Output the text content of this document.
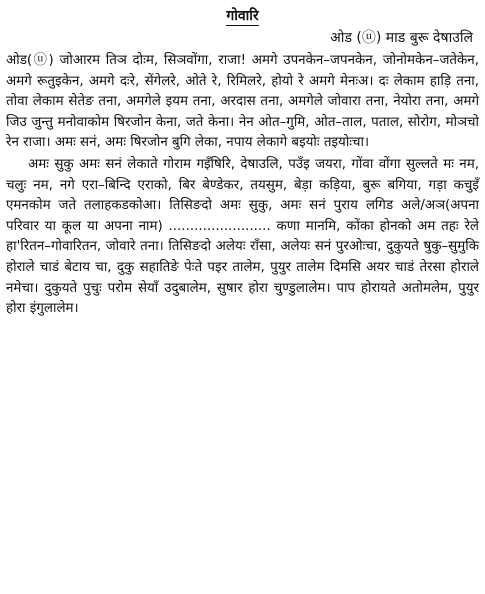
गोवारि

ओड (ⓤ) माड बुरू देषाउलि

ओड(ⓤ) जोआरम तिञ दोःम, सिञवोंगा, राजा! अमगे उपनकेन–जपनकेन, जोनोमकेन–जतेकेन, अमगे रूतुइकेन, अमगे दःरे, सेंगेलरे, ओते रे, रिमिलरे, होयो रे अमगे मेनःअ। दः लेकाम हाड़ि तना, तोवा लेकाम सेतेङ तना, अमगेले इयम तना, अरदास तना, अमगेले जोवारा तना, नेयोरा तना, अमगे जिउ जुन्तु मनोवाकोम षिरजोन केना, जते केना। नेन ओत–गुमि, ओत–ताल, पताल, सोरोग, मोञचो रेन राजा। अमः सनं, अमः षिरजोन बुगि लेका, नपाय लेकागे बइयोः तइयोःचा।

अमः सुकु अमः सनं लेकाते गोराम गइँषिरि, देषाउलि, पउँइ जयरा, गोंवा वोंगा सुल्लते मः नम, चलुः नम, नगे एरा–बिन्दि एराको, बिर बेण्डेकर, तयसुम, बेड़ा कड़िया, बुरू बगिया, गड़ा कचुइँ एमनकोम जते तलाहकडकोआ। तिसिङदो अमः सुकु, अमः सनं पुराय लगिड अले/अञ(अपना परिवार या कूल या अपना नाम) ........................ कणा मानमि, कोंका होनको अम तहः रेले हा'रितन–गोवारितन, जोवारे तना। तिसिङदो अलेयः राँसा, अलेयः सनं पुरओःचा, दुकुयते षुकु–सुमुकि होराले चाडं बेटाय चा, दुकु सहातिङे पेःते पइर तालेम, पुयुर तालेम दिमसि अयर चाडं तेरसा होराले नमेचा। दुकुयते पुचुः परोम सेयाँ उदुबालेम, सुषार होरा चुण्डुलालेम। पाप होरायते अतोमलेम, पुयुर होरा इंगुलालेम।
